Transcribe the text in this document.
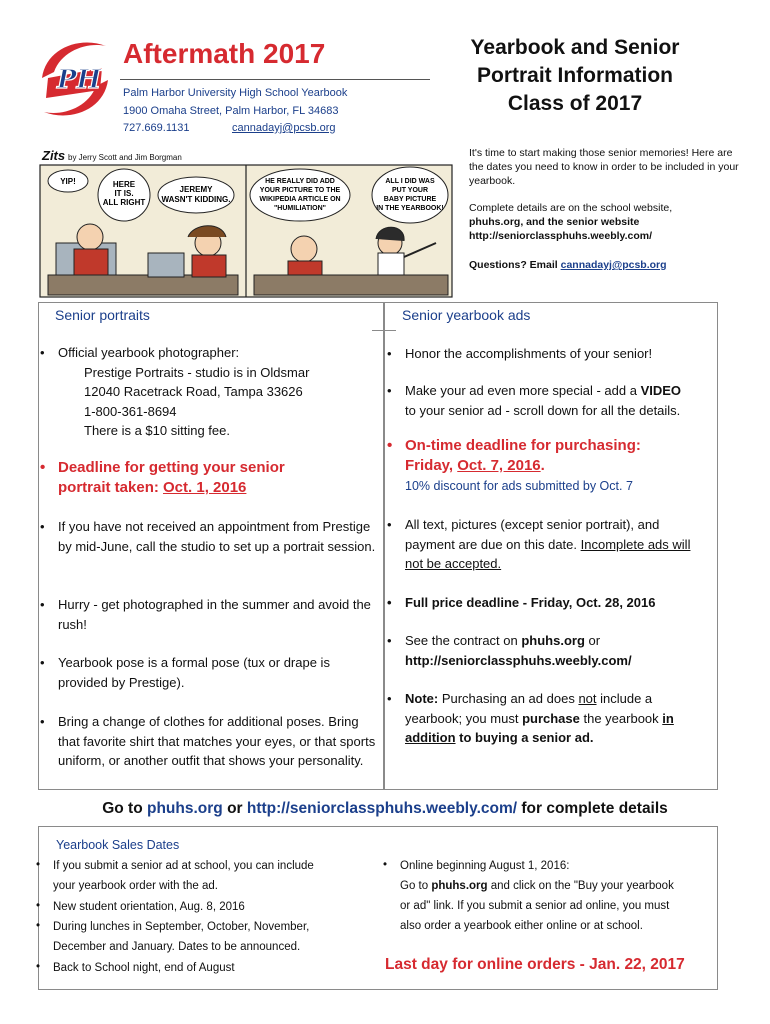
PH
Aftermath 2017
Palm Harbor University High School Yearbook
1900 Omaha Street, Palm Harbor, FL 34683
727.669.1131	cannadayj@pcsb.org
Yearbook and Senior
Portrait Information
Class of 2017
Zits by Jerry Scott and Jim Borgman
YIP!	HERE
IT IS.
ALL RIGHT
JEREMY
WASN'T KIDDING.
HE REALLY DID ADD
YOUR PICTURE TO THE
WIKIPEDIA ARTICLE ON
"HUMILIATION"
ALL I DID WAS
PUT YOUR
BABY PICTURE
IN THE YEARBOOK!
It's time to start making those senior memories! Here are the dates you need to know in order to be included in your yearbook.
Complete details are on the school website,
phuhs.org, and the senior website
http://seniorclassphuhs.weebly.com/
Questions? Email cannadayj@pcsb.org
Senior portraits	Senior yearbook ads
• Official yearbook photographer:
Prestige Portraits - studio is in Oldsmar
12040 Racetrack Road, Tampa 33626
1-800-361-8694
There is a $10 sitting fee.
• Deadline for getting your senior
portrait taken: Oct. 1, 2016
• If you have not received an appointment from Prestige by mid-June, call the studio to set up a portrait session.
• Hurry - get photographed in the summer and avoid the rush!
• Yearbook pose is a formal pose (tux or drape is provided by Prestige).
• Bring a change of clothes for additional poses. Bring that favorite shirt that matches your eyes, or that sports uniform, or another outfit that shows your personality.
• Honor the accomplishments of your senior!
• Make your ad even more special - add a VIDEO
to your senior ad - scroll down for all the details.
• On-time deadline for purchasing:
Friday, Oct. 7, 2016.
10% discount for ads submitted by Oct. 7
• All text, pictures (except senior portrait), and payment are due on this date. Incomplete ads will not be accepted.
• Full price deadline - Friday, Oct. 28, 2016
• See the contract on phuhs.org or http://seniorclassphuhs.weebly.com/
• Note: Purchasing an ad does not include a yearbook; you must purchase the yearbook in addition to buying a senior ad.
Go to phuhs.org or http://seniorclassphuhs.weebly.com/ for complete details
Yearbook Sales Dates
• If you submit a senior ad at school, you can include
your yearbook order with the ad.
• New student orientation, Aug. 8, 2016
• During lunches in September, October, November,
December and January. Dates to be announced.
• Back to School night, end of August
• Online beginning August 1, 2016:
Go to phuhs.org and click on the "Buy your yearbook
or ad" link. If you submit a senior ad online, you must
also order a yearbook either online or at school.
Last day for online orders - Jan. 22, 2017
